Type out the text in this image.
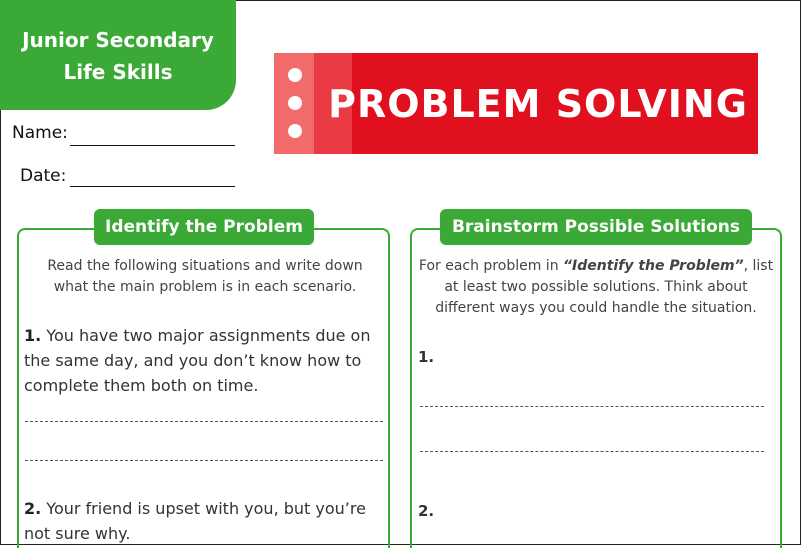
Junior Secondary
Life Skills
Name:
Date:
PROBLEM SOLVING
Identify the Problem
Read the following situations and write down what the main problem is in each scenario.
1. You have two major assignments due on the same day, and you don’t know how to complete them both on time.
2. Your friend is upset with you, but you’re not sure why.
Brainstorm Possible Solutions
For each problem in “Identify the Problem”, list at least two possible solutions. Think about different ways you could handle the situation.
1.
2.
